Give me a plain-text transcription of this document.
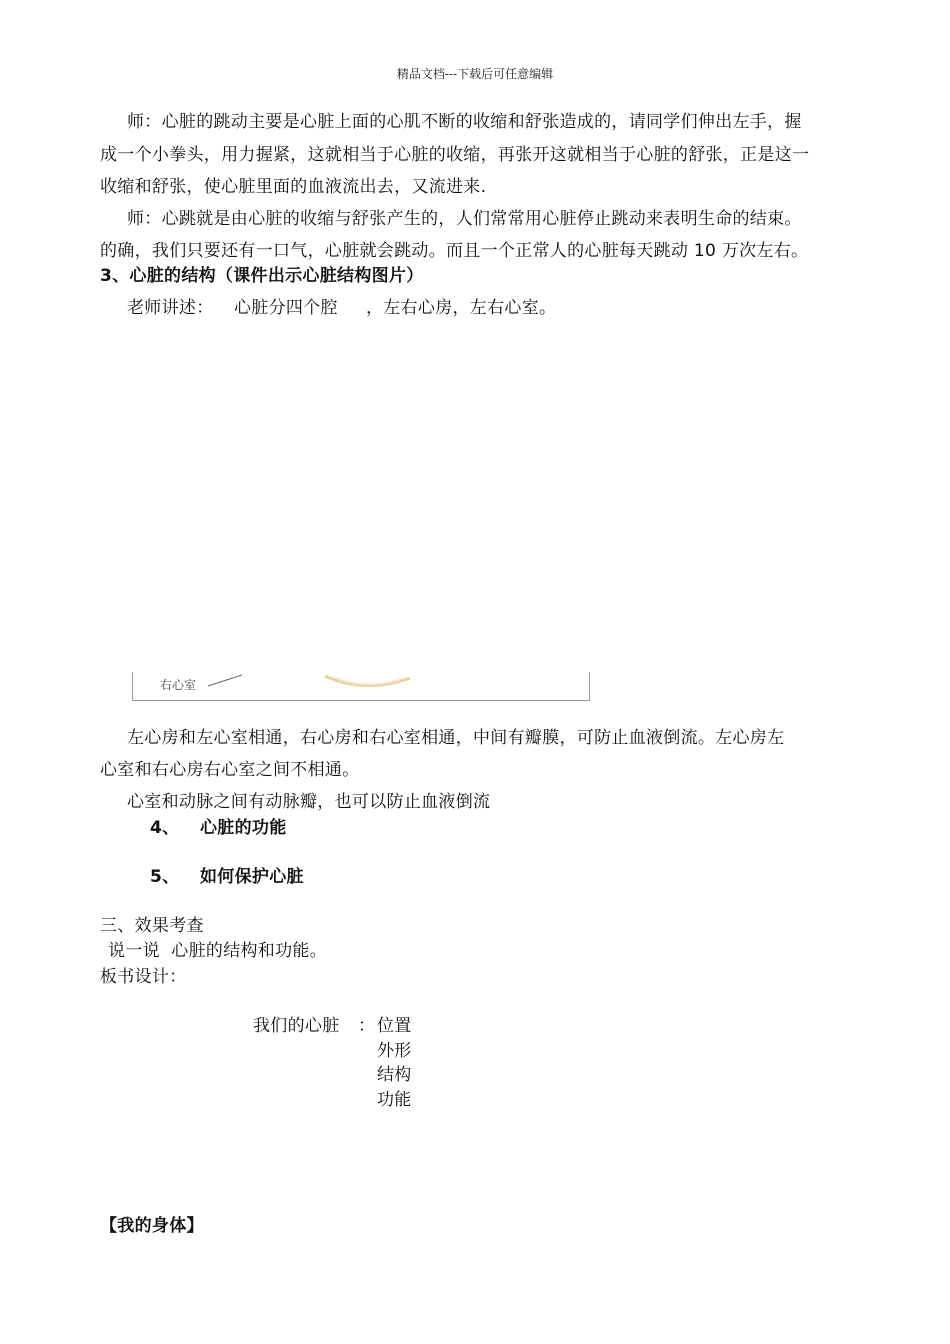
精品文档---下载后可任意编辑
师：心脏的跳动主要是心脏上面的心肌不断的收缩和舒张造成的，请同学们伸出左手，握
成一个小拳头，用力握紧，这就相当于心脏的收缩，再张开这就相当于心脏的舒张，正是这一
收缩和舒张，使心脏里面的血液流出去，又流进来.
师：心跳就是由心脏的收缩与舒张产生的，人们常常用心脏停止跳动来表明生命的结束。
的确，我们只要还有一口气，心脏就会跳动。而且一个正常人的心脏每天跳动 10 万次左右。
3、心脏的结构（课件出示心脏结构图片）
老师讲述： 心脏分四个腔 ，左右心房，左右心室。
右心室
左心房和左心室相通，右心房和右心室相通，中间有瓣膜，可防止血液倒流。左心房左
心室和右心房右心室之间不相通。
心室和动脉之间有动脉瓣，也可以防止血液倒流
4、 心脏的功能
5、 如何保护心脏
三、效果考查
说一说  心脏的结构和功能。
板书设计：
我们的心脏 ： 位置
外形
结构
功能
【我的身体】
